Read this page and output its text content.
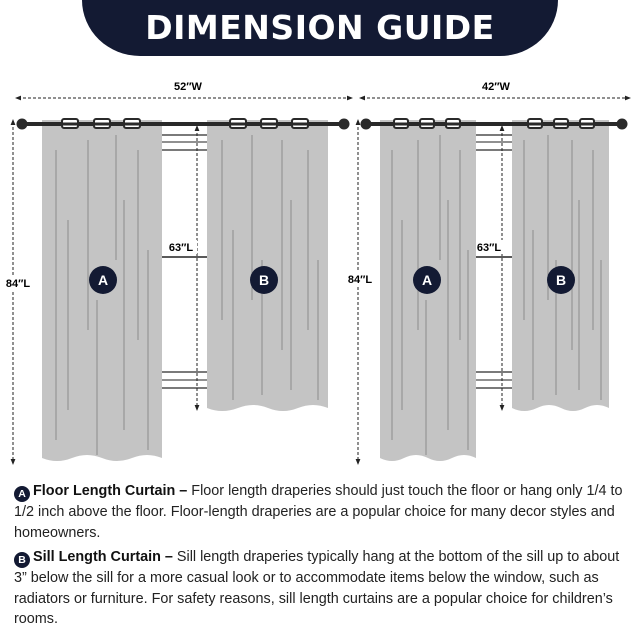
DIMENSION GUIDE
52″W
84″L
63″L
A	B
42″W
84″L
63″L
A	B
A Floor Length Curtain – Floor length draperies should just touch the floor or hang only 1/4 to 1/2 inch above the floor. Floor-length draperies are a popular choice for many decor styles and homeowners.
B Sill Length Curtain – Sill length draperies typically hang at the bottom of the sill up to about 3” below the sill for a more casual look or to accommodate items below the window, such as radiators or furniture. For safety reasons, sill length curtains are a popular choice for children’s rooms.
